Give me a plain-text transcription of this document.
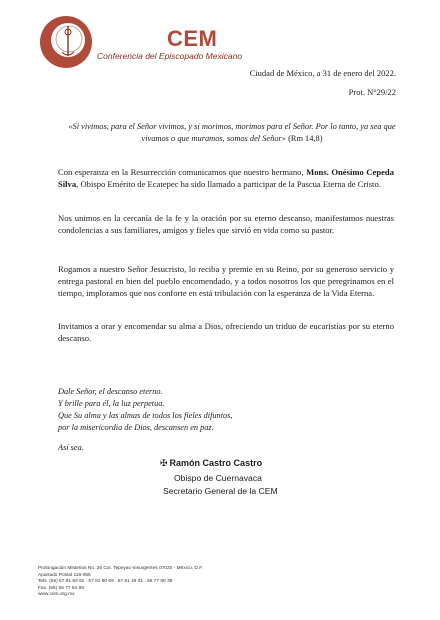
CEM
Conferencia del Episcopado Mexicano
Ciudad de México, a 31 de enero del 2022.
Prot. N°29/22
«Si vivimos, para el Señor vivimos, y si morimos, morimos para el Señor. Por lo tanto, ya sea que vivamos o que muramos, somos del Señor» (Rm 14,8)

Con esperanza en la Resurrección comunicamos que nuestro hermano, Mons. Onésimo Cepeda Silva, Obispo Emérito de Ecatepec ha sido llamado a participar de la Pascua Eterna de Cristo.

Nos unimos en la cercanía de la fe y la oración por su eterno descanso, manifestamos nuestras condolencias a sus familiares, amigos y fieles que sirvió en vida como su pastor.

Rogamos a nuestro Señor Jesucristo, lo reciba y premie en su Reino, por su generoso servicio y entrega pastoral en bien del pueblo encomendado, y a todos nosotros los que peregrinamos en el tiempo, imploramos que nos conforte en está tribulación con la esperanza de la Vida Eterna.

Invitamos a orar y encomendar su alma a Dios, ofreciendo un triduo de eucaristías por su eterno descanso.

Dale Señor, el descanso eterno.
Y brille para él, la luz perpetua.
Que Su alma y las almas de todos los fieles difuntos,
por la misericordia de Dios, descansen en paz.
Así sea.
✠ Ramón Castro Castro
Obispo de Cuernavaca
Secretario General de la CEM
Prolongación Misterios No. 26 Col. Tepeyac-Insurgentes 07020 - México, D.F.
Apartado Postal 118-055
Tels. (55) 57 81 84 62 . 57 81 80 69 . 57 81 49 01 . 55 77 80 39
Fax. (55) 55 77 54 89
www.cem.org.mx
